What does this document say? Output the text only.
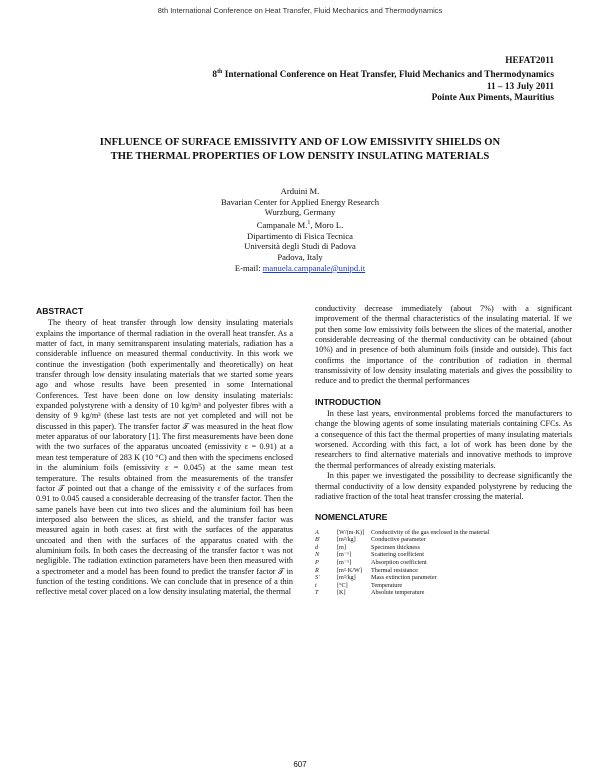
8th International Conference on Heat Transfer, Fluid Mechanics and Thermodynamics
HEFAT2011
8th International Conference on Heat Transfer, Fluid Mechanics and Thermodynamics
11 – 13 July 2011
Pointe Aux Piments, Mauritius
INFLUENCE OF SURFACE EMISSIVITY AND OF LOW EMISSIVITY SHIELDS ON
THE THERMAL PROPERTIES OF LOW DENSITY INSULATING MATERIALS
Arduini M.
Bavarian Center for Applied Energy Research
Wurzburg, Germany
Campanale M.$^1$, Moro L.
Dipartimento di Fisica Tecnica
Università degli Studi di Padova
Padova, Italy
E-mail: manuela.campanale@unipd.it
ABSTRACT

The theory of heat transfer through low density insulating materials explains the importance of thermal radiation in the overall heat transfer. As a matter of fact, in many semitransparent insulating materials, radiation has a considerable influence on measured thermal conductivity. In this work we continue the investigation (both experimentally and theoretically) on heat transfer through low density insulating materials that we started some years ago and whose results have been presented in some International Conferences. Test have been done on low density insulating materials: expanded polystyrene with a density of 10 kg/m³ and polyester fibres with a density of 9 kg/m³ (these last tests are not yet completed and will not be discussed in this paper). The transfer factor 𝒯 was measured in the heat flow meter apparatus of our laboratory [1]. The first measurements have been done with the two surfaces of the apparatus uncoated (emissivity ε = 0.91) at a mean test temperature of 283 K (10 °C) and then with the specimens enclosed in the aluminium foils (emissivity ε = 0.045) at the same mean test temperature. The results obtained from the measurements of the transfer factor 𝒯 pointed out that a change of the emissivity ε of the surfaces from 0.91 to 0.045 caused a considerable decreasing of the transfer factor. Then the same panels have been cut into two slices and the aluminium foil has been interposed also between the slices, as shield, and the transfer factor was measured again in both cases: at first with the surfaces of the apparatus uncoated and then with the surfaces of the apparatus coated with the aluminium foils. In both cases the decreasing of the transfer factor τ was not negligible. The radiation extinction parameters have been then measured with a spectrometer and a model has been found to predict the transfer factor 𝒯 in function of the testing conditions. We can conclude that in presence of a thin reflective metal cover placed on a low density insulating material, the thermal

conductivity decrease immediately (about 7%) with a significant improvement of the thermal characteristics of the insulating material. If we put then some low emissivity foils between the slices of the material, another considerable decreasing of the thermal conductivity can be obtained (about 10%) and in presence of both aluminum foils (inside and outside). This fact confirms the importance of the contribution of radiation in thermal transmissivity of low density insulating materials and gives the possibility to reduce and to predict the thermal performances

INTRODUCTION

In these last years, environmental problems forced the manufacturers to change the blowing agents of some insulating materials containing CFCs. As a consequence of this fact the thermal properties of many insulating materials worsened. According with this fact, a lot of work has been done by the researchers to find alternative materials and innovative methods to improve the thermal performances of already existing materials.

In this paper we investigated the possibility to decrease significantly the thermal conductivity of a low density expanded polystyrene by reducing the radiative fraction of the total heat transfer crossing the material.

NOMENCLATURE
A	[W/(m·K)]	Conductivity of the gas enclosed in the material
B'	[m²/kg]	Conductive parameter
d	[m]	Specimen thickness
N	[m⁻¹]	Scattering coefficient
P	[m⁻¹]	Absorption coefficient
R	[m²·K/W]	Thermal resistance
S'	[m²/kg]	Mass extinction parameter
t	[°C]	Temperature
T	[K]	Absolute temperature
607
